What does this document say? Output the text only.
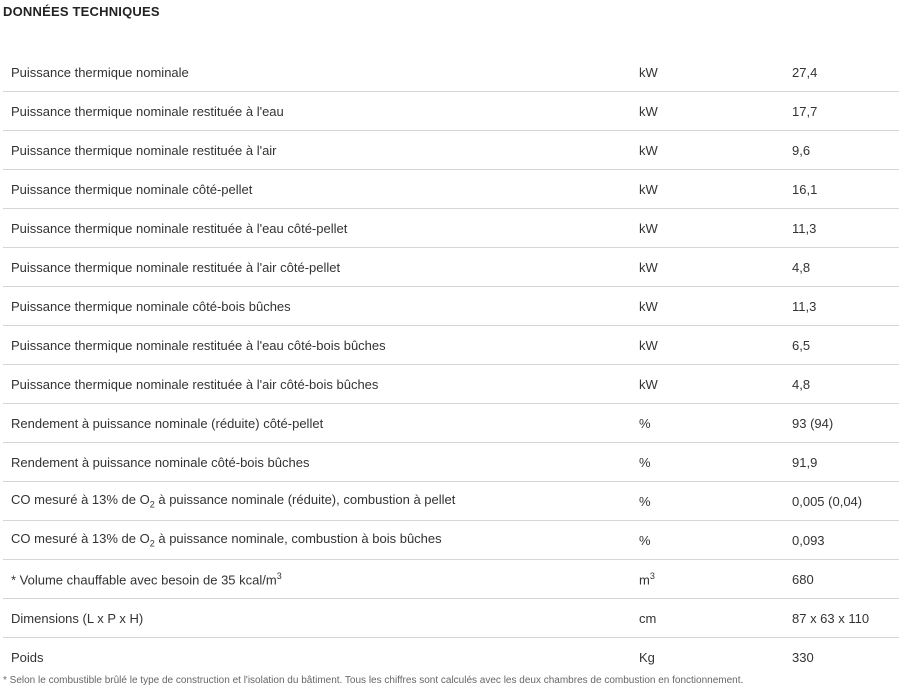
DONNÉES TECHNIQUES
Puissance thermique nominale	kW	27,4
Puissance thermique nominale restituée à l'eau	kW	17,7
Puissance thermique nominale restituée à l'air	kW	9,6
Puissance thermique nominale côté-pellet	kW	16,1
Puissance thermique nominale restituée à l'eau côté-pellet	kW	11,3
Puissance thermique nominale restituée à l'air côté-pellet	kW	4,8
Puissance thermique nominale côté-bois bûches	kW	11,3
Puissance thermique nominale restituée à l'eau côté-bois bûches	kW	6,5
Puissance thermique nominale restituée à l'air côté-bois bûches	kW	4,8
Rendement à puissance nominale (réduite) côté-pellet	%	93 (94)
Rendement à puissance nominale côté-bois bûches	%	91,9
CO mesuré à 13% de $O_2$ à puissance nominale (réduite), combustion à pellet	%	0,005 (0,04)
CO mesuré à 13% de $O_2$ à puissance nominale, combustion à bois bûches	%	0,093
* Volume chauffable avec besoin de 35 kcal/$m^3$	$m^3$	680
Dimensions (L x P x H)	cm	87 x 63 x 110
Poids	Kg	330
* Selon le combustible brûlé le type de construction et l'isolation du bâtiment. Tous les chiffres sont calculés avec les deux chambres de combustion en fonctionnement.
